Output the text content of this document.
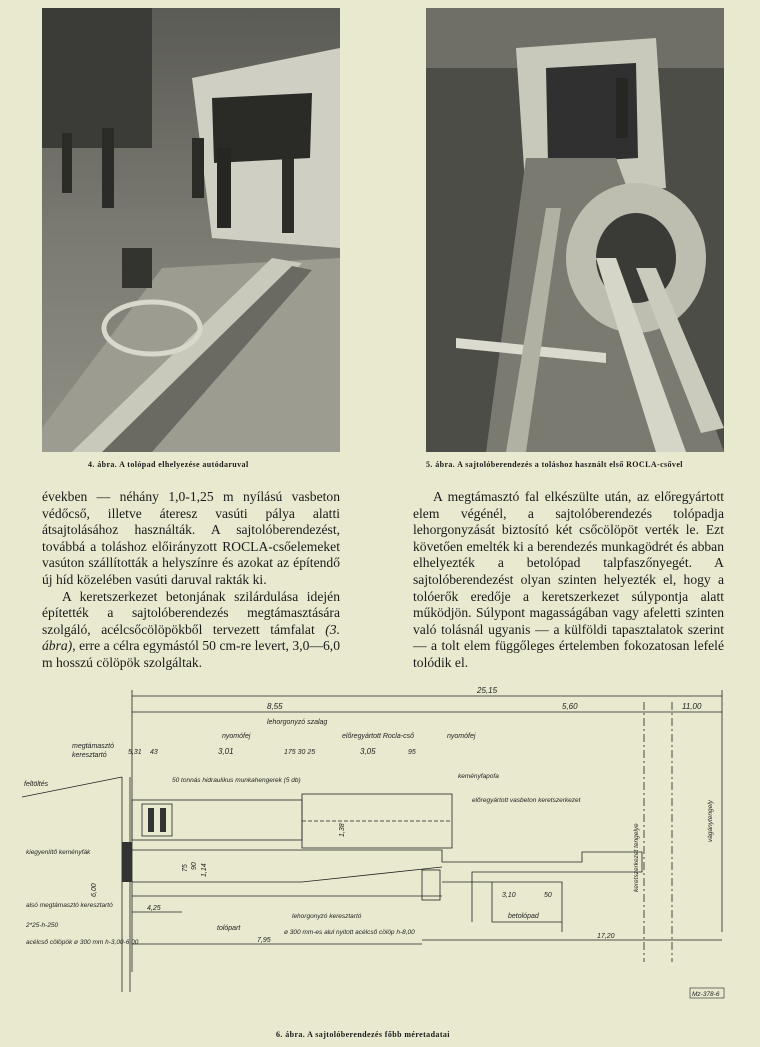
4. ábra. A tolópad elhelyezése autódaruval	5. ábra. A sajtolóberendezés a toláshoz használt első ROCLA-csővel

években — néhány 1,0-1,25 m nyílású vasbeton védőcső, illetve áteresz vasúti pálya alatti átsajtolásához használták. A sajtolóberendezést, továbbá a toláshoz előirányzott ROCLA-csőelemeket vasúton szállították a helyszínre és azokat az építendő új híd közelében vasúti daruval rakták ki.

A keretszerkezet betonjának szilárdulása idején építették a sajtolóberendezés megtámasztására szolgáló, acélcsőcölöpökből tervezett támfalat (3. ábra), erre a célra egymástól 50 cm-re levert, 3,0—6,0 m hosszú cölöpök szolgáltak.

A megtámasztó fal elkészülte után, az előregyártott elem végénél, a sajtolóberendezés tolópadja lehorgonyzását biztosító két csőcölöpöt verték le. Ezt követően emelték ki a berendezés munkagödrét és abban elhelyezték a betolópad talpfaszőnyegét. A sajtolóberendezést olyan szinten helyezték el, hogy a tolóerők eredője a keretszerkezet súlypontja alatt működjön. Súlypont magasságában vagy afeletti szinten való tolásnál ugyanis — a külföldi tapasztalatok szerint — a tolt elem függőleges értelemben fokozatosan lefelé tolódik el.

25,15
8,55	5,60	11,00
3,01	3,05
175 30 25	95
5,31 43
4,25
7,95
17,20
3,10	50
6,00
1,14
90
1,38
75
megtámasztó
keresztartó
feltöltés
lehorgonyzó szalag
nyomófej	előregyártott Rocla-cső	nyomófej
50 tonnás hidraulikus munkahengerek (5 db)
keményfapofa
előregyártott vasbeton keretszerkezet
kiegyenlítő keményfák
alsó megtámasztó keresztartó
2*25-h-250
acélcső cölöpök ø 300 mm h-3,00-6,00
tolópart
lehorgonyzó keresztartó
ø 300 mm-es alul nyitott acélcső cölöp h-8,00
betolópad
keretszerkezet tengelye
vágánytengely
Mz-378-6
6. ábra. A sajtolóberendezés főbb méretadatai
